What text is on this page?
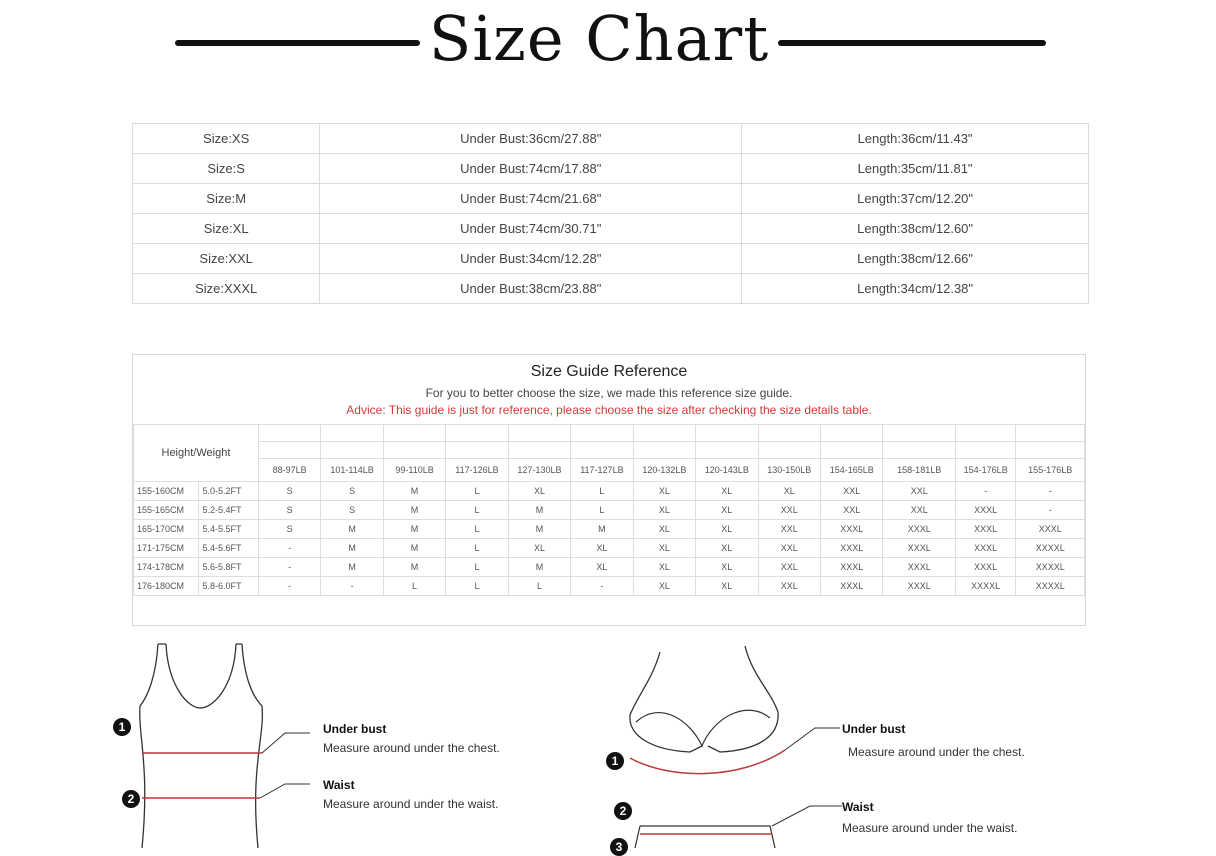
Size Chart
Size:XS	Under Bust:36cm/27.88"	Length:36cm/11.43"
Size:S	Under Bust:74cm/17.88"	Length:35cm/11.81"
Size:M	Under Bust:74cm/21.68"	Length:37cm/12.20"
Size:XL	Under Bust:74cm/30.71"	Length:38cm/12.60"
Size:XXL	Under Bust:34cm/12.28"	Length:38cm/12.66"
Size:XXXL	Under Bust:38cm/23.88"	Length:34cm/12.38"
Size Guide Reference
For you to better choose the size, we made this reference size guide.
Advice: This guide is just for reference, please choose the size after checking the size details table.
Height/Weight														

		88-97LB	101-114LB	99-110LB	117-126LB	127-130LB	117-127LB	120-132LB	120-143LB	130-150LB	154-165LB	158-181LB	154-176LB	155-176LB
155-160CM	5.0-5.2FT	S	S	M	L	XL	L	XL	XL	XL	XXL	XXL	-	-
155-165CM	5.2-5.4FT	S	S	M	L	M	L	XL	XL	XXL	XXL	XXL	XXXL	-
165-170CM	5.4-5.5FT	S	M	M	L	M	M	XL	XL	XXL	XXXL	XXXL	XXXL	XXXL
171-175CM	5.4-5.6FT	-	M	M	L	XL	XL	XL	XL	XXL	XXXL	XXXL	XXXL	XXXXL
174-178CM	5.6-5.8FT	-	M	M	L	M	XL	XL	XL	XXL	XXXL	XXXL	XXXL	XXXXL
176-180CM	5.8-6.0FT	-	-	L	L	L	-	XL	XL	XXL	XXXL	XXXL	XXXXL	XXXXL
1
2
Under bust
Measure around under the chest.
Waist
Measure around under the waist.
1
2
3
Under bust
Measure around under the chest.
Waist
Measure around under the waist.
